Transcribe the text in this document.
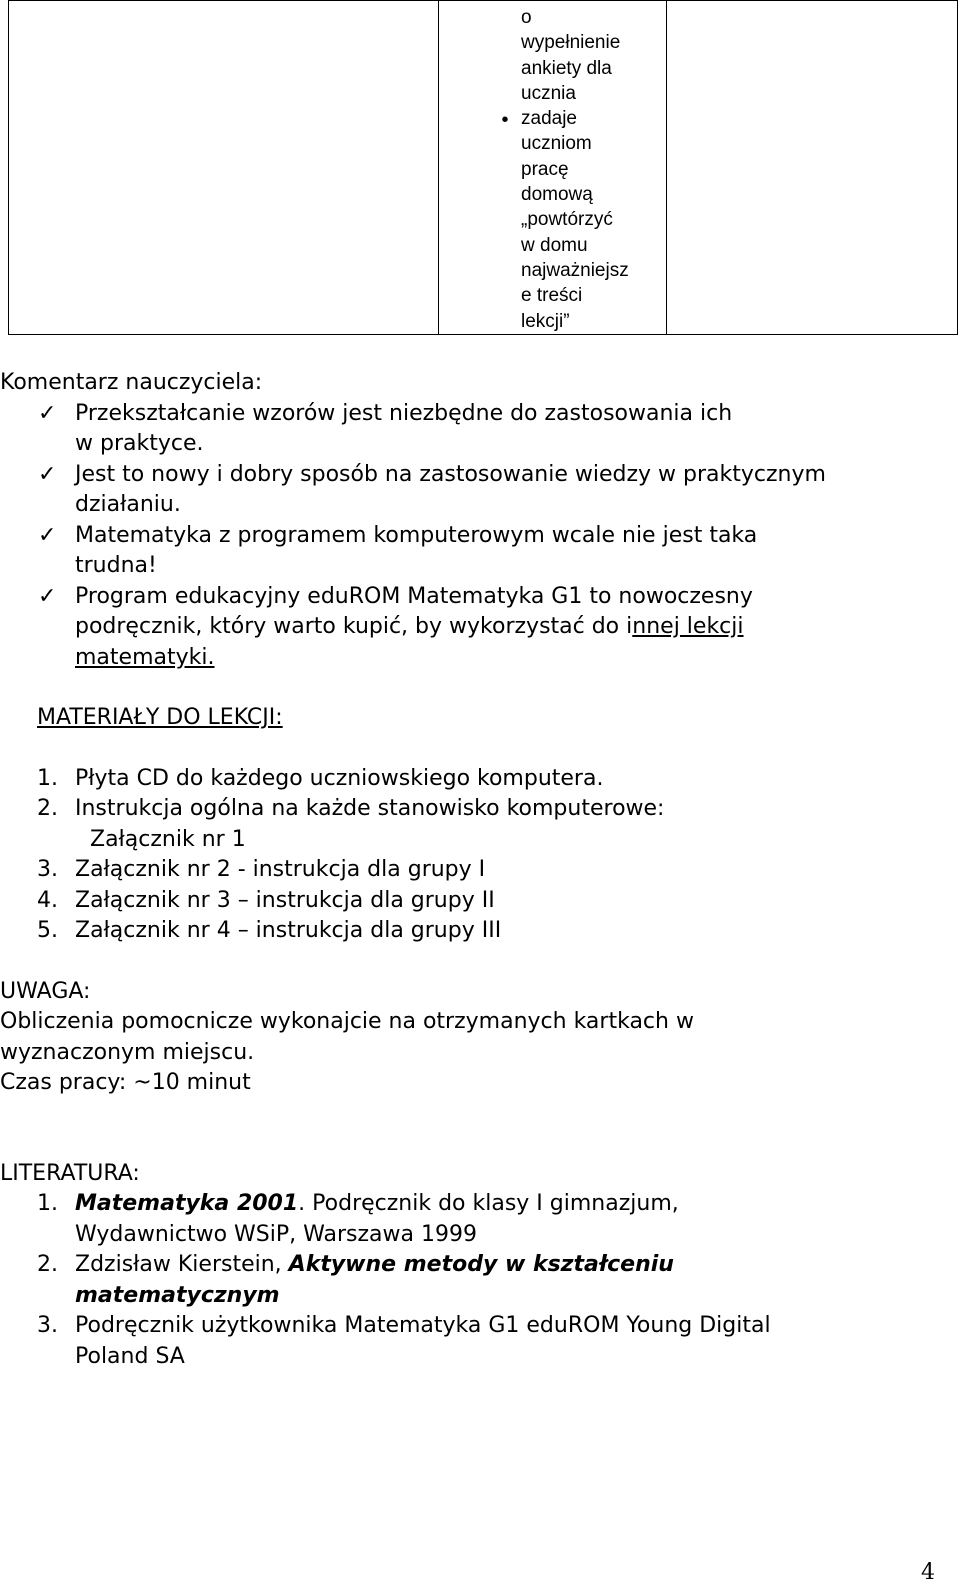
•
o
wypełnienie
ankiety dla
ucznia
zadaje
uczniom
pracę
domową
„powtórzyć
w domu
najważniejsz
e treści
lekcji”

Komentarz nauczyciela:
✓ Przekształcanie wzorów jest niezbędne do zastosowania ich
w praktyce.
✓ Jest to nowy i dobry sposób na zastosowanie wiedzy w praktycznym
działaniu.
✓ Matematyka z programem komputerowym wcale nie jest taka
trudna!
✓ Program edukacyjny eduROM Matematyka G1 to nowoczesny
podręcznik, który warto kupić, by wykorzystać do innej lekcji
matematyki.
MATERIAŁY DO LEKCJI:
1. Płyta CD do każdego uczniowskiego komputera.
2. Instrukcja ogólna na każde stanowisko komputerowe:
Załącznik nr 1
3. Załącznik nr 2 - instrukcja dla grupy I
4. Załącznik nr 3 – instrukcja dla grupy II
5. Załącznik nr 4 – instrukcja dla grupy III
UWAGA:
Obliczenia pomocnicze wykonajcie na otrzymanych kartkach w
wyznaczonym miejscu.
Czas pracy: ~10 minut
LITERATURA:
1. Matematyka 2001. Podręcznik do klasy I gimnazjum,
Wydawnictwo WSiP, Warszawa 1999
2. Zdzisław Kierstein, Aktywne metody w kształceniu
matematycznym
3. Podręcznik użytkownika Matematyka G1 eduROM Young Digital
Poland SA
4
